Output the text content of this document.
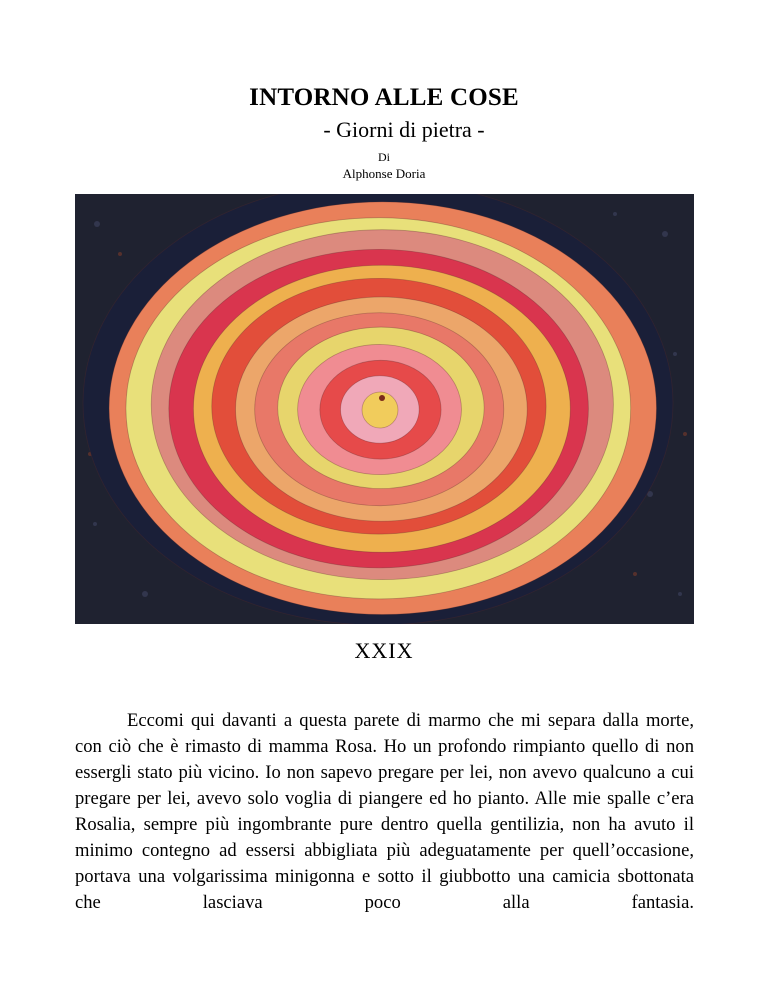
INTORNO ALLE COSE
- Giorni di pietra -
Di
Alphonse Doria
XXIX

Eccomi qui davanti a questa parete di marmo che mi separa dalla morte, con ciò che è rimasto di mamma Rosa. Ho un profondo rimpianto quello di non essergli stato più vicino. Io non sapevo pregare per lei, non avevo qualcuno a cui pregare per lei, avevo solo voglia di piangere ed ho pianto. Alle mie spalle c’era Rosalia, sempre più ingombrante pure dentro quella gentilizia, non ha avuto il minimo contegno ad essersi abbigliata più adeguatamente per quell’occasione, portava una volgarissima minigonna e sotto il giubbotto una camicia sbottonata che lasciava poco alla fantasia.
